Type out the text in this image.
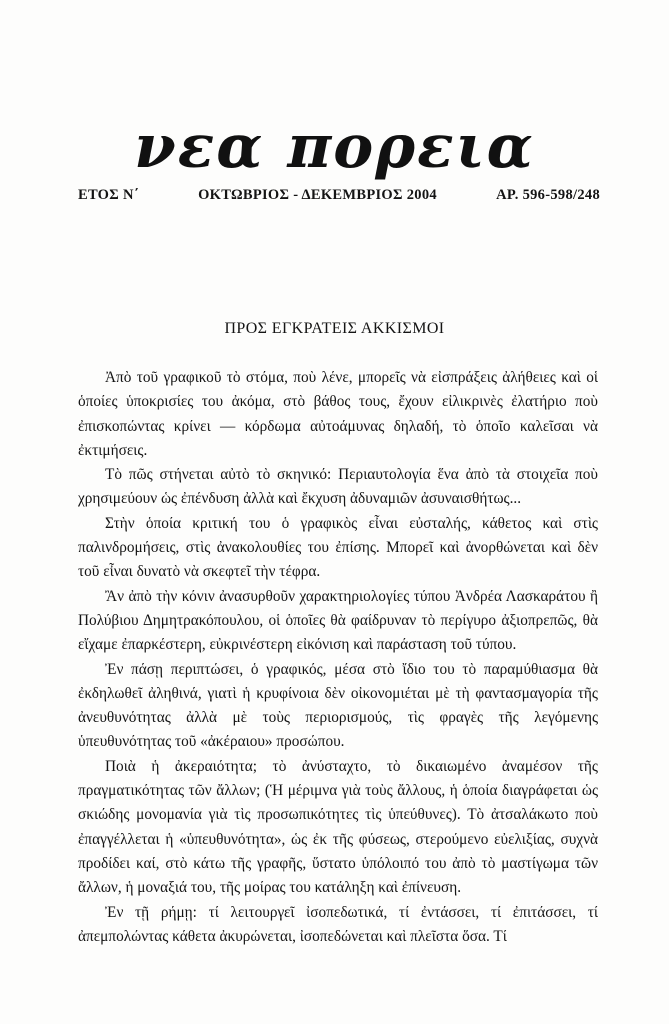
νεα πορεια
ΕΤΟΣ Ν΄	ΟΚΤΩΒΡΙΟΣ - ΔΕΚΕΜΒΡΙΟΣ 2004	ΑΡ. 596-598/248
ΠΡΟΣ ΕΓΚΡΑΤΕΙΣ ΑΚΚΙΣΜΟΙ

Ἀπὸ τοῦ γραφικοῦ τὸ στόμα, ποὺ λένε, μπορεῖς νὰ εἰσπράξεις ἀλήθειες καὶ οἱ ὁποίες ὑποκρισίες του ἀκόμα, στὸ βάθος τους, ἔχουν εἰλικρινὲς ἐλατήριο ποὺ ἐπισκοπώντας κρίνει — κόρδωμα αὐτοάμυνας δηλαδή, τὸ ὁποῖο καλεῖσαι νὰ ἐκτιμήσεις.

Τὸ πῶς στήνεται αὐτὸ τὸ σκηνικό: Περιαυτολογία ἕνα ἀπὸ τὰ στοιχεῖα ποὺ χρησιμεύουν ὡς ἐπένδυση ἀλλὰ καὶ ἔκχυση ἀδυναμιῶν ἀσυναισθήτως...

Στὴν ὁποία κριτική του ὁ γραφικὸς εἶναι εὐσταλής, κάθετος καὶ στὶς παλινδρομήσεις, στὶς ἀνακολουθίες του ἐπίσης. Μπορεῖ καὶ ἀνορθώνεται καὶ δὲν τοῦ εἶναι δυνατὸ νὰ σκεφτεῖ τὴν τέφρα.

Ἂν ἀπὸ τὴν κόνιν ἀνασυρθοῦν χαρακτηριολογίες τύπου Ἀνδρέα Λασκαράτου ἢ Πολύβιου Δημητρακόπουλου, οἱ ὁποῖες θὰ φαίδρυναν τὸ περίγυρο ἀξιοπρεπῶς, θὰ εἴχαμε ἐπαρκέστερη, εὐκρινέστερη εἰκόνιση καὶ παράσταση τοῦ τύπου.

Ἐν πάσῃ περιπτώσει, ὁ γραφικός, μέσα στὸ ἴδιο του τὸ παραμύθιασμα θὰ ἐκδηλωθεῖ ἀληθινά, γιατὶ ἡ κρυφίνοια δὲν οἰκονομιέται μὲ τὴ φαντασμαγορία τῆς ἀνευθυνότητας ἀλλὰ μὲ τοὺς περιορισμούς, τὶς φραγὲς τῆς λεγόμενης ὑπευθυνότητας τοῦ «ἀκέραιου» προσώπου.

Ποιὰ ἡ ἀκεραιότητα; τὸ ἀνύσταχτο, τὸ δικαιωμένο ἀναμέσον τῆς πραγματικότητας τῶν ἄλλων; (Ἡ μέριμνα γιὰ τοὺς ἄλλους, ἡ ὁποία διαγράφεται ὡς σκιώδης μονομανία γιὰ τὶς προσωπικότητες τὶς ὑπεύθυνες). Τὸ ἀτσαλάκωτο ποὺ ἐπαγγέλλεται ἡ «ὑπευθυνότητα», ὡς ἐκ τῆς φύσεως, στερούμενο εὐελιξίας, συχνὰ προδίδει καί, στὸ κάτω τῆς γραφῆς, ὕστατο ὑπόλοιπό του ἀπὸ τὸ μαστίγωμα τῶν ἄλλων, ἡ μοναξιά του, τῆς μοίρας του κατάληξη καὶ ἐπίνευση.

Ἐν τῇ ρήμῃ: τί λειτουργεῖ ἰσοπεδωτικά, τί ἐντάσσει, τί ἐπιτάσσει, τί ἀπεμπολώντας κάθετα ἀκυρώνεται, ἰσοπεδώνεται καὶ πλεῖστα ὅσα. Τί
